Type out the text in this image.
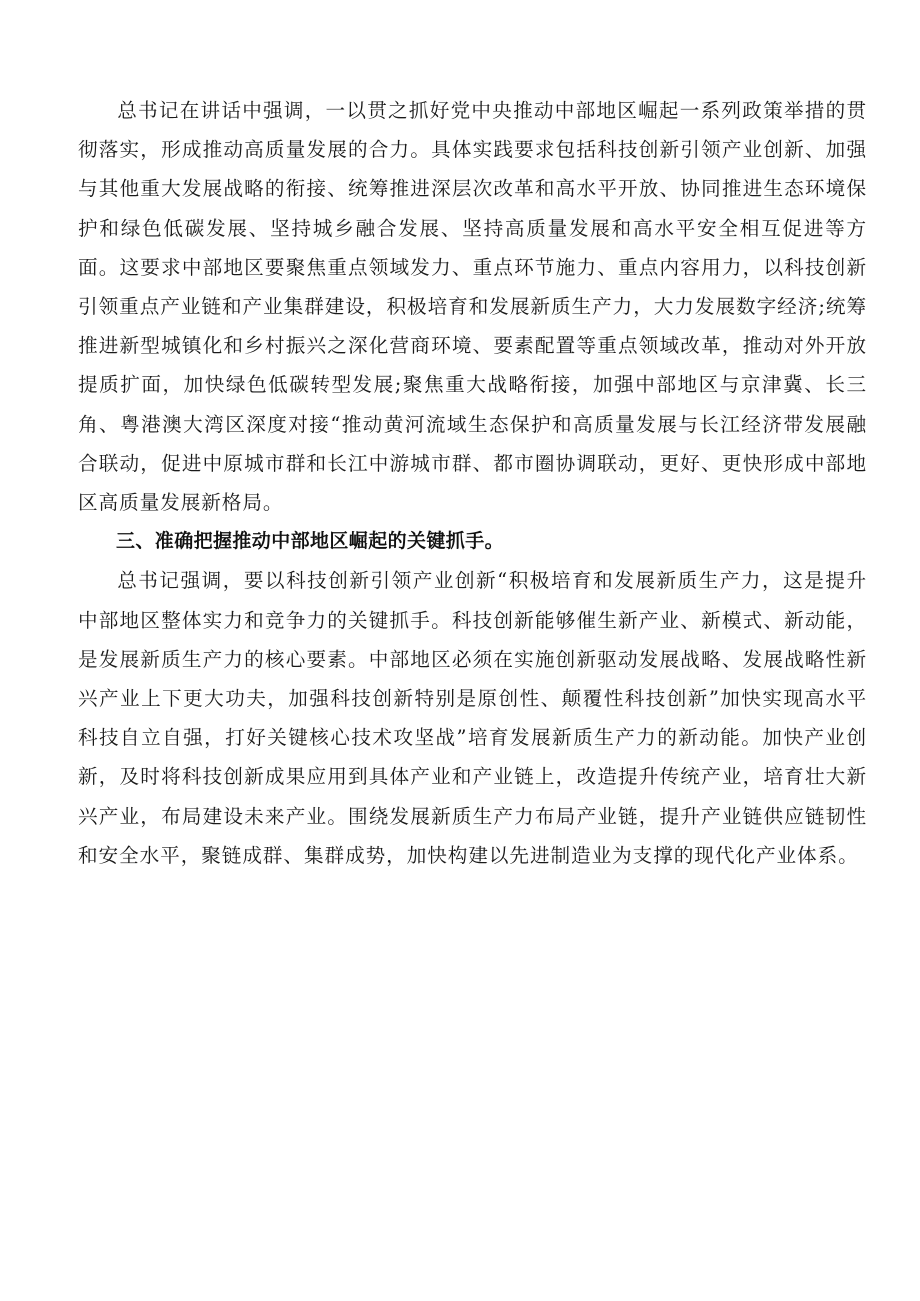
总书记在讲话中强调，一以贯之抓好党中央推动中部地区崛起一系列政策举措的贯彻落实，形成推动高质量发展的合力。具体实践要求包括科技创新引领产业创新、加强与其他重大发展战略的衔接、统筹推进深层次改革和高水平开放、协同推进生态环境保护和绿色低碳发展、坚持城乡融合发展、坚持高质量发展和高水平安全相互促进等方面。这要求中部地区要聚焦重点领域发力、重点环节施力、重点内容用力，以科技创新引领重点产业链和产业集群建设，积极培育和发展新质生产力，大力发展数字经济;统筹推进新型城镇化和乡村振兴之深化营商环境、要素配置等重点领域改革，推动对外开放提质扩面，加快绿色低碳转型发展;聚焦重大战略衔接，加强中部地区与京津冀、长三角、粤港澳大湾区深度对接“推动黄河流域生态保护和高质量发展与长江经济带发展融合联动，促进中原城市群和长江中游城市群、都市圈协调联动，更好、更快形成中部地区高质量发展新格局。

三、准确把握推动中部地区崛起的关键抓手。

总书记强调，要以科技创新引领产业创新“积极培育和发展新质生产力，这是提升中部地区整体实力和竞争力的关键抓手。科技创新能够催生新产业、新模式、新动能，是发展新质生产力的核心要素。中部地区必须在实施创新驱动发展战略、发展战略性新兴产业上下更大功夫，加强科技创新特别是原创性、颠覆性科技创新”加快实现高水平科技自立自强，打好关键核心技术攻坚战”培育发展新质生产力的新动能。加快产业创新，及时将科技创新成果应用到具体产业和产业链上，改造提升传统产业，培育壮大新兴产业，布局建设未来产业。围绕发展新质生产力布局产业链，提升产业链供应链韧性和安全水平，聚链成群、集群成势，加快构建以先进制造业为支撑的现代化产业体系。
